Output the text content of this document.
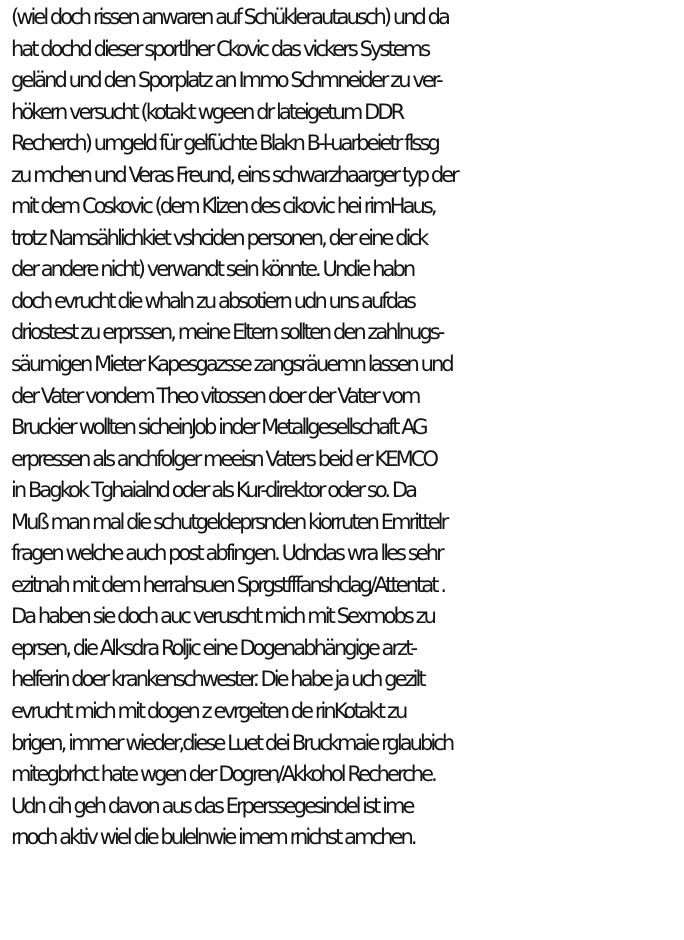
(wiel doch rissen anwaren auf Schüklerautausch) und da
hat dochd dieser sportlher Ckovic das vickers Systems
geländ und den Sporplatz an Immo Schmneider zu ver-
hökern versucht (kotakt wgeen dr lateigetum DDR
Recherch) umgeld für gelfüchte Blakn B-l-uarbeietr flssg
zu mchen und Veras Freund, eins schwarzhaarger typ der
mit dem Coskovic (dem Klizen des cikovic hei rimHaus,
trotz Namsählichkiet vshciden personen, der eine dick
der andere nicht) verwandt sein könnte. Undie habn
doch evrucht die whaln zu absotiern udn uns aufdas
driostest zu erprssen, meine Eltern sollten den zahlnugs-
säumigen Mieter Kapesgazsse zangsräuemn lassen und
der Vater vondem Theo vitossen doer der Vater vom
Bruckier wollten sicheinJob inder Metallgesellschaft AG
erpressen als anchfolger meeisn Vaters beid er KEMCO
in Bagkok Tghaialnd oder als Kur-direktor oder so. Da
Muß man mal die schutgeldeprsnden kiorruten Emrittelr
fragen welche auch post abfingen. Udndas wra lles sehr
ezitnah mit dem herrahsuen Sprgstfffanshclag/Attentat .
Da haben sie doch auc veruscht mich mit Sexmobs zu
eprsen, die Alksdra Roljic eine Dogenabhängige arzt-
helferin doer krankenschwester. Die habe ja uch gezilt
evrucht mich mit dogen z evrgeiten de rinKotakt zu
brigen, immer wieder,diese Luet dei Bruckmaie rglaubich
mitegbrhct hate wgen der Dogren/Akkohol Recherche.
Udn cih geh davon aus das Erperssegesindel ist ime
rnoch aktiv wiel die bulelnwie imem rnichst amchen.
